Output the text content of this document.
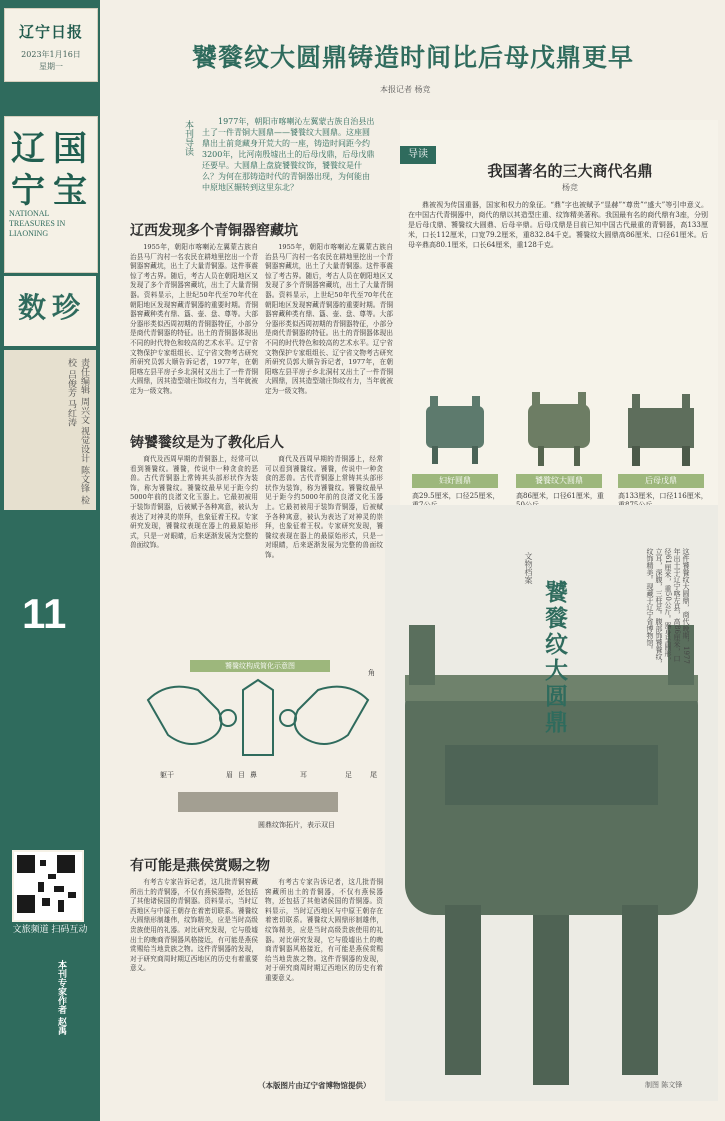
辽宁日报
2023年1月16日
星期一
辽 国
宁 宝
NATIONAL TREASURES IN LIAONING
数珍
责任编辑 周兴文 视觉设计 陈文锋 检校 吕俊芳 马红涛
11
文旅频道 扫码互动
本刊专家作者 赵禹
饕餮纹大圆鼎铸造时间比后母戊鼎更早
本报记者 杨竞
本刊导读	1977年，朝阳市喀喇沁左翼蒙古族自治县出土了一件青铜大圆鼎——饕餮纹大圆鼎。这座圆鼎出土前竟藏身开荒大的一座，铸造时间距今约3200年，比河南殷墟出土的后母戊鼎，后母戊鼎还要早。大圆鼎上盘旋饕餮纹饰，饕餮纹是什么？为何在那铸造时代的青铜器出现，为何能由中原地区辗转到这里东北？
辽西发现多个青铜器窖藏坑
1955年，朝阳市喀喇沁左翼蒙古族自治县马厂沟村一名农民在耕地里挖出一个青铜器窖藏坑，出土了大量青铜器。这件事震惊了考古界。随后，考古人员在朝阳地区又发现了多个青铜器窖藏坑，出土了大量青铜器。资料显示，上世纪50年代至70年代在朝阳地区发现窖藏青铜器的重要时期。青铜器窖藏种类有鼎、簋、壶、盘、尊等。大部分器形类似西周初期的青铜器特征，小部分是商代青铜器的特征。出土的青铜器体现出不同的时代特色和较高的艺术水平。辽宁省文物保护专家组组长、辽宁省文物考古研究所研究员郭大顺告诉记者，1977年，在朝阳喀左县平房子乡北洞村又出土了一件青铜大圆鼎，因其造型端庄饰纹有力，当年就被定为一级文物。
1955年，朝阳市喀喇沁左翼蒙古族自治县马厂沟村一名农民在耕地里挖出一个青铜器窖藏坑，出土了大量青铜器。这件事震惊了考古界。随后，考古人员在朝阳地区又发现了多个青铜器窖藏坑，出土了大量青铜器。资料显示，上世纪50年代至70年代在朝阳地区发现窖藏青铜器的重要时期。青铜器窖藏种类有鼎、簋、壶、盘、尊等。大部分器形类似西周初期的青铜器特征，小部分是商代青铜器的特征。出土的青铜器体现出不同的时代特色和较高的艺术水平。辽宁省文物保护专家组组长、辽宁省文物考古研究所研究员郭大顺告诉记者，1977年，在朝阳喀左县平房子乡北洞村又出土了一件青铜大圆鼎，因其造型端庄饰纹有力，当年就被定为一级文物。
铸饕餮纹是为了教化后人
商代及西周早期的青铜器上，经常可以看到饕餮纹。饕餮，传说中一种贪食的恶兽。古代青铜器上常铸其头部形状作为装饰，称为饕餮纹。饕餮纹最早见于距今约5000年前的良渚文化玉器上。它最初被用于装饰青铜器，后被赋予各种寓意，被认为表达了对神灵的崇拜，也象征着王权。专家研究发现，饕餮纹表现在器上的最原始形式，只是一对眼睛，后来逐渐发展为完整的兽面纹饰。
商代及西周早期的青铜器上，经常可以看到饕餮纹。饕餮，传说中一种贪食的恶兽。古代青铜器上常铸其头部形状作为装饰，称为饕餮纹。饕餮纹最早见于距今约5000年前的良渚文化玉器上。它最初被用于装饰青铜器，后被赋予各种寓意，被认为表达了对神灵的崇拜，也象征着王权。专家研究发现，饕餮纹表现在器上的最原始形式，只是一对眼睛，后来逐渐发展为完整的兽面纹饰。
饕餮纹构成简化示意图
角
眉 目 鼻	耳
躯干	足	尾
圆鼎纹饰拓片，表示双目
有可能是燕侯赏赐之物
有考古专家告诉记者，这几批青铜窖藏所出土的青铜器，不仅有燕侯器物，还包括了其他诸侯国的青铜器。资料显示，当时辽西地区与中原王朝存在着密切联系。饕餮纹大圆鼎形制雄伟，纹饰精美，应是当时高级贵族使用的礼器。对比研究发现，它与殷墟出土的晚商青铜器风格接近，有可能是燕侯赏赐给当地贵族之物。这件青铜器的发现，对于研究商周时期辽西地区的历史有着重要意义。
有考古专家告诉记者，这几批青铜窖藏所出土的青铜器，不仅有燕侯器物，还包括了其他诸侯国的青铜器。资料显示，当时辽西地区与中原王朝存在着密切联系。饕餮纹大圆鼎形制雄伟，纹饰精美，应是当时高级贵族使用的礼器。对比研究发现，它与殷墟出土的晚商青铜器风格接近，有可能是燕侯赏赐给当地贵族之物。这件青铜器的发现，对于研究商周时期辽西地区的历史有着重要意义。
（本版图片由辽宁省博物馆提供）
导读
我国著名的三大商代名鼎
杨竞
鼎被视为传国重器，国家和权力的象征。“鼎”字也被赋予“显赫”“尊贵”“盛大”等引申意义。在中国古代青铜器中，商代的鼎以其造型庄重、纹饰精美著称。我国最有名的商代鼎有3座，分别是后母戊鼎、饕餮纹大圆鼎、后母辛鼎。后母戊鼎是目前已知中国古代最重的青铜器，高133厘米，口长112厘米，口宽79.2厘米，重832.84千克。饕餮纹大圆鼎高86厘米、口径61厘米。后母辛鼎高80.1厘米，口长64厘米，重128千克。
妇好圆鼎	饕餮纹大圆鼎	后母戊鼎
高29.5厘米，口径25厘米，	高86厘米，口径61厘米，重	高133厘米，口径116厘米，
文物档案
饕餮纹大圆鼎	这件饕餮纹大圆鼎，商代晚期，1977年出土于辽宁喀左县，高86厘米，口径61厘米，重50公斤。器身呈圆形，立耳，深腹，三柱足。腹部饰饕餮纹，纹饰精美。现藏于辽宁省博物馆。
制图 陈文锋
